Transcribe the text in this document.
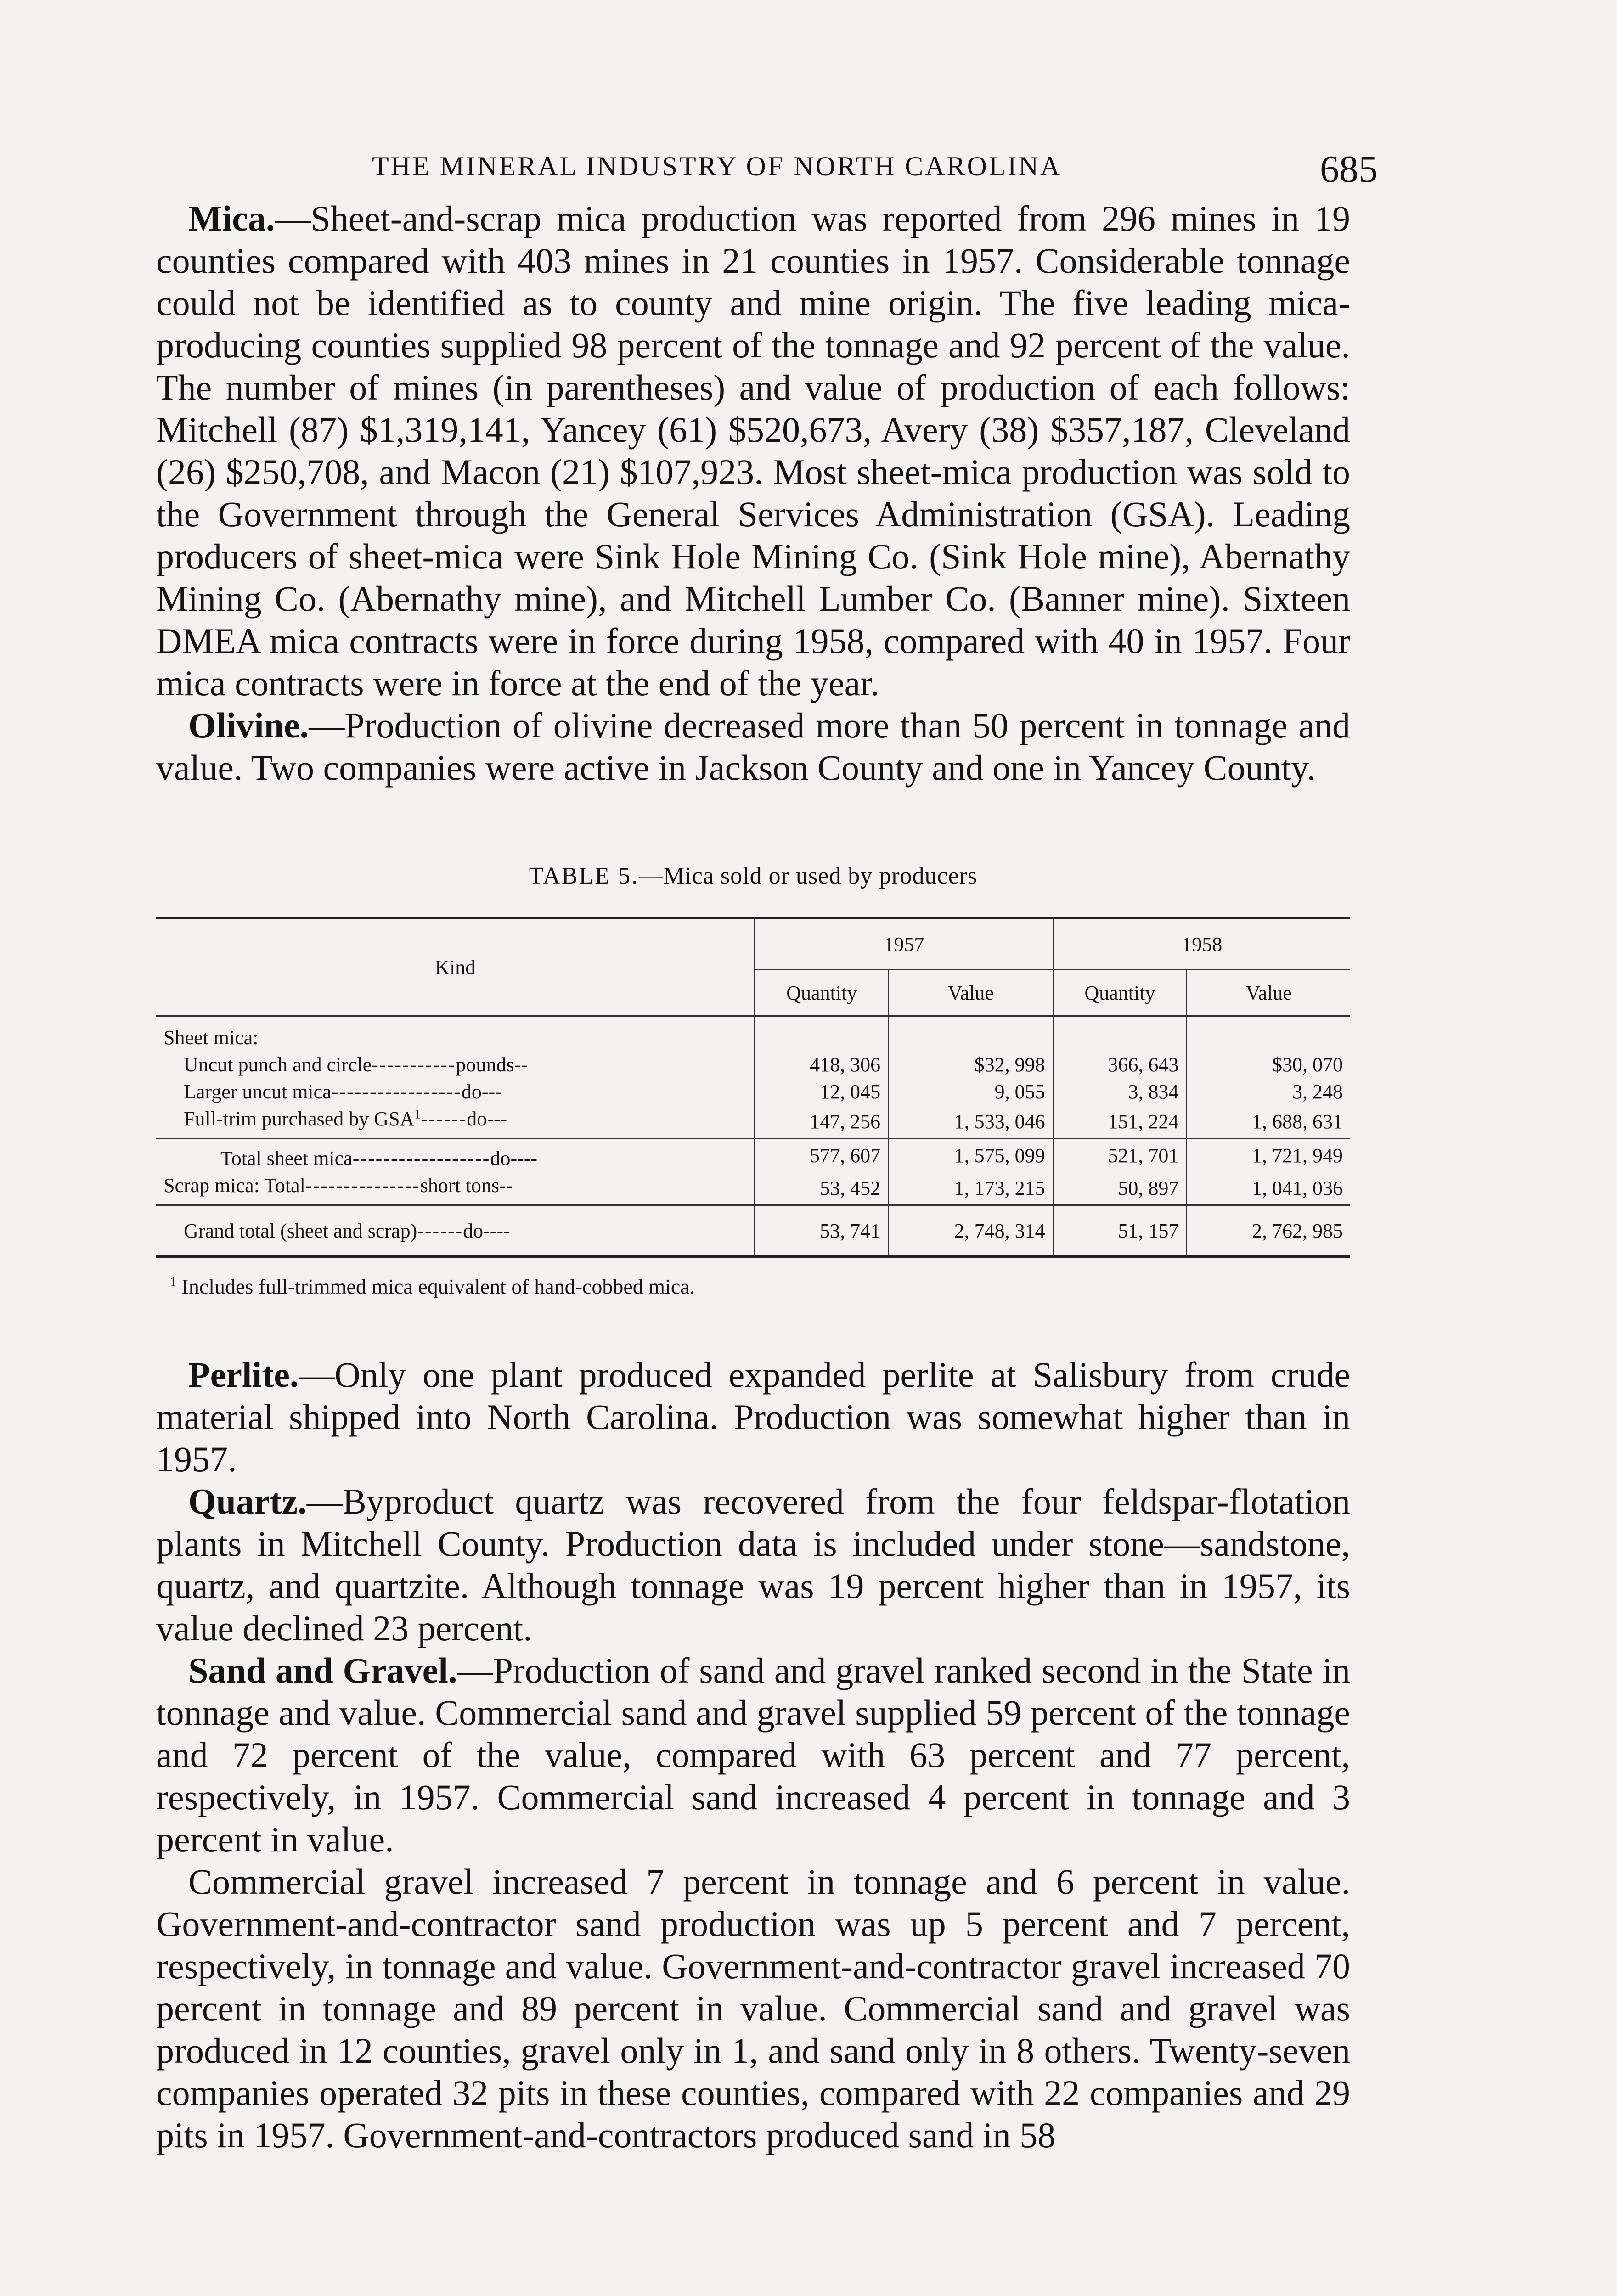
THE MINERAL INDUSTRY OF NORTH CAROLINA	685

Mica.—Sheet-and-scrap mica production was reported from 296 mines in 19 counties compared with 403 mines in 21 counties in 1957. Considerable tonnage could not be identified as to county and mine origin. The five leading mica-producing counties supplied 98 percent of the tonnage and 92 percent of the value. The number of mines (in parentheses) and value of production of each follows: Mitchell (87) $1,319,141, Yancey (61) $520,673, Avery (38) $357,187, Cleveland (26) $250,708, and Macon (21) $107,923. Most sheet-mica production was sold to the Government through the General Services Administration (GSA). Leading producers of sheet-mica were Sink Hole Mining Co. (Sink Hole mine), Abernathy Mining Co. (Abernathy mine), and Mitchell Lumber Co. (Banner mine). Sixteen DMEA mica contracts were in force during 1958, compared with 40 in 1957. Four mica contracts were in force at the end of the year.

Olivine.—Production of olivine decreased more than 50 percent in tonnage and value. Two companies were active in Jackson County and one in Yancey County.

TABLE 5.—Mica sold or used by producers
Kind	1957		1958	
	Quantity	Value	Quantity	Value
Sheet mica:				
Uncut punch and circle-----------pounds--	418, 306	$32, 998	366, 643	$30, 070
Larger uncut mica-----------------do---	12, 045	9, 055	3, 834	3, 248
Full-trim purchased by GSA$^1$------do---	147, 256	1, 533, 046	151, 224	1, 688, 631
Total sheet mica------------------do----	577, 607	1, 575, 099	521, 701	1, 721, 949
Scrap mica: Total---------------short tons--	53, 452	1, 173, 215	50, 897	1, 041, 036
Grand total (sheet and scrap)------do----	53, 741	2, 748, 314	51, 157	2, 762, 985
$^1$ Includes full-trimmed mica equivalent of hand-cobbed mica.

Perlite.—Only one plant produced expanded perlite at Salisbury from crude material shipped into North Carolina. Production was somewhat higher than in 1957.

Quartz.—Byproduct quartz was recovered from the four feldspar-flotation plants in Mitchell County. Production data is included under stone—sandstone, quartz, and quartzite. Although tonnage was 19 percent higher than in 1957, its value declined 23 percent.

Sand and Gravel.—Production of sand and gravel ranked second in the State in tonnage and value. Commercial sand and gravel supplied 59 percent of the tonnage and 72 percent of the value, compared with 63 percent and 77 percent, respectively, in 1957. Commercial sand increased 4 percent in tonnage and 3 percent in value.

Commercial gravel increased 7 percent in tonnage and 6 percent in value. Government-and-contractor sand production was up 5 percent and 7 percent, respectively, in tonnage and value. Government-and-contractor gravel increased 70 percent in tonnage and 89 percent in value. Commercial sand and gravel was produced in 12 counties, gravel only in 1, and sand only in 8 others. Twenty-seven companies operated 32 pits in these counties, compared with 22 companies and 29 pits in 1957. Government-and-contractors produced sand in 58
